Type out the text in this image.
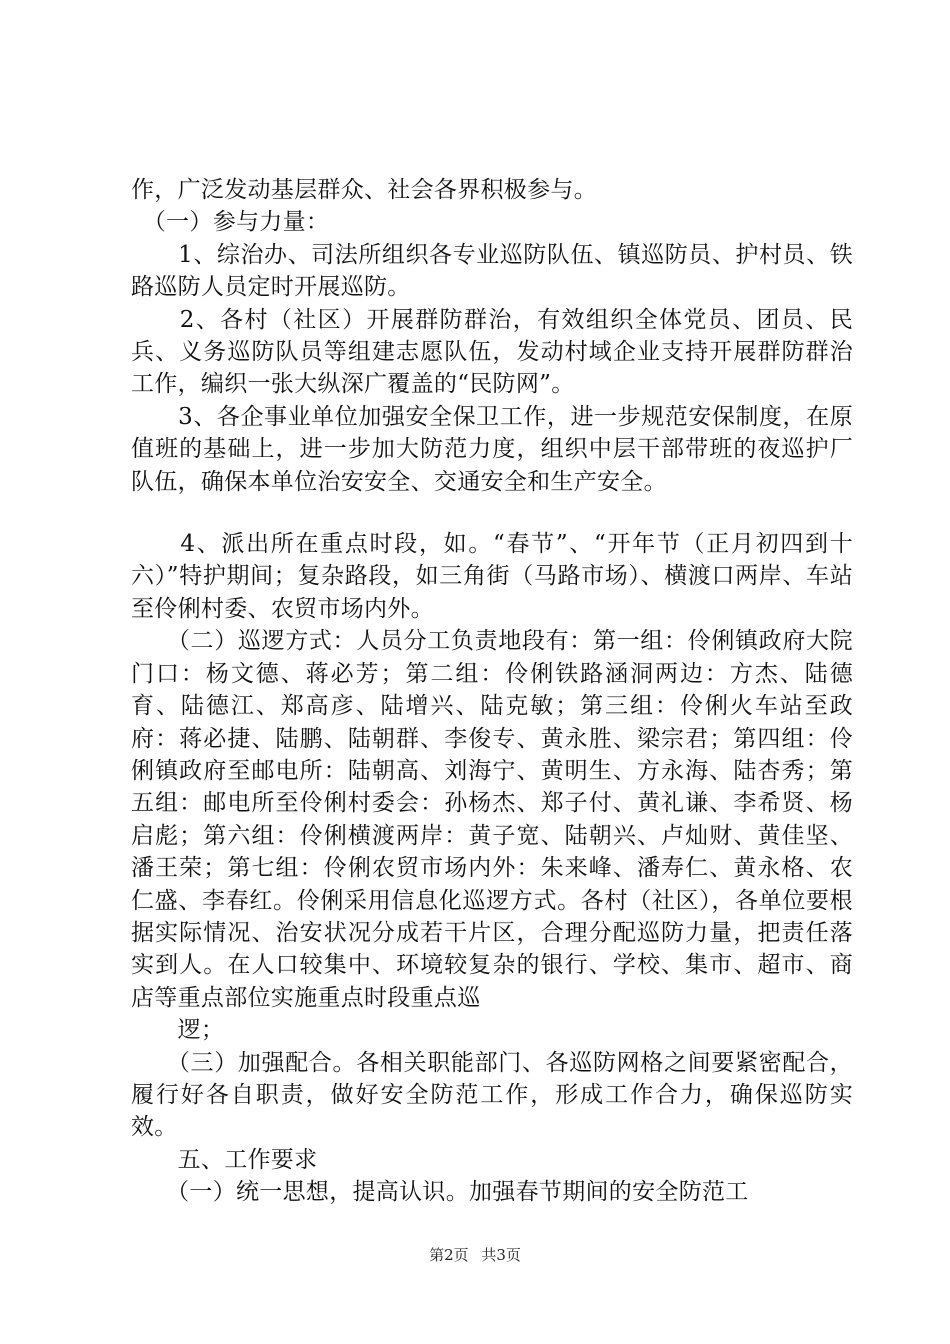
作，广泛发动基层群众、社会各界积极参与。

　（一）参与力量：

　　1、综治办、司法所组织各专业巡防队伍、镇巡防员、护村员、铁路巡防人员定时开展巡防。

　　2、各村（社区）开展群防群治，有效组织全体党员、团员、民兵、义务巡防队员等组建志愿队伍，发动村域企业支持开展群防群治工作，编织一张大纵深广覆盖的“民防网”。

　　3、各企事业单位加强安全保卫工作，进一步规范安保制度，在原值班的基础上，进一步加大防范力度，组织中层干部带班的夜巡护厂队伍，确保本单位治安安全、交通安全和生产安全。

　　4、派出所在重点时段，如。“春节”、“开年节（正月初四到十六）”特护期间；复杂路段，如三角街（马路市场）、横渡口两岸、车站至伶俐村委、农贸市场内外。

　　（二）巡逻方式：人员分工负责地段有：第一组：伶俐镇政府大院门口：杨文德、蒋必芳；第二组：伶俐铁路涵洞两边：方杰、陆德育、陆德江、郑高彦、陆增兴、陆克敏；第三组：伶俐火车站至政府：蒋必捷、陆鹏、陆朝群、李俊专、黄永胜、梁宗君；第四组：伶俐镇政府至邮电所：陆朝高、刘海宁、黄明生、方永海、陆杏秀；第五组：邮电所至伶俐村委会：孙杨杰、郑子付、黄礼谦、李希贤、杨启彪；第六组：伶俐横渡两岸：黄子宽、陆朝兴、卢灿财、黄佳坚、潘王荣；第七组：伶俐农贸市场内外：朱来峰、潘寿仁、黄永格、农仁盛、李春红。伶俐采用信息化巡逻方式。各村（社区），各单位要根据实际情况、治安状况分成若干片区，合理分配巡防力量，把责任落实到人。在人口较集中、环境较复杂的银行、学校、集市、超市、商店等重点部位实施重点时段重点巡

　　逻；

　　（三）加强配合。各相关职能部门、各巡防网格之间要紧密配合，履行好各自职责，做好安全防范工作，形成工作合力，确保巡防实效。

　　五、工作要求

　　（一）统一思想，提高认识。加强春节期间的安全防范工

第2页 共3页
